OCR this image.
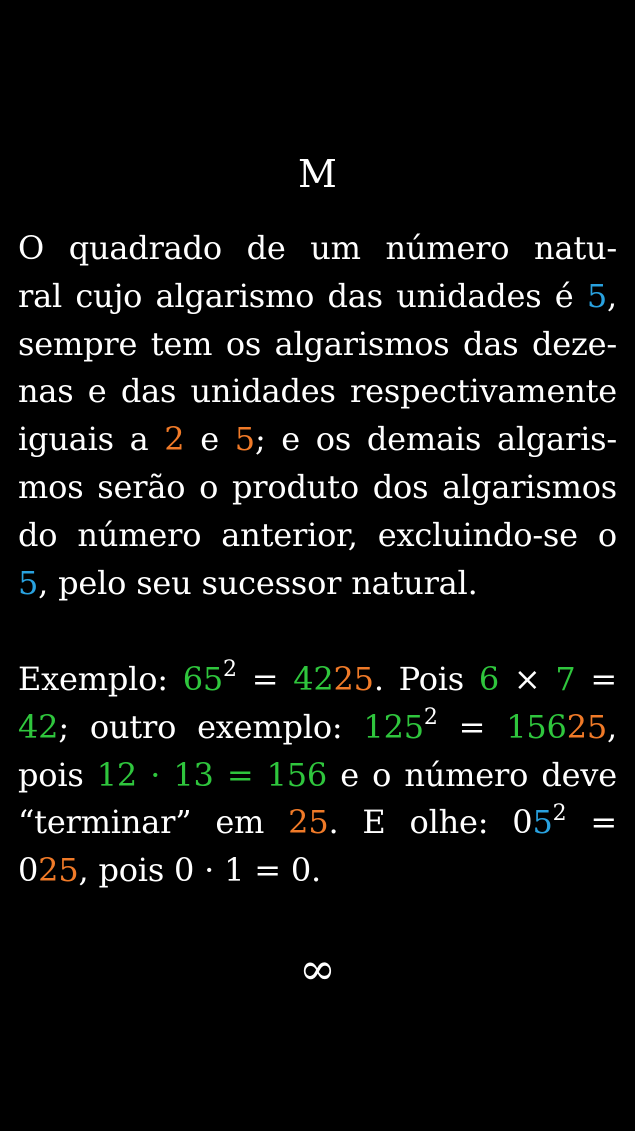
M
O quadrado de um número natu-
ral cujo algarismo das unidades é 5,
sempre tem os algarismos das deze-
nas e das unidades respectivamente
iguais a 2 e 5; e os demais algaris-
mos serão o produto dos algarismos
do número anterior, excluindo-se o
5, pelo seu sucessor natural.
Exemplo: $65^2 = 4225$. Pois 6 × 7 =
42; outro exemplo: $125^2 = 15625$,
pois 12 · 13 = 156 e o número deve
“terminar” em 25. E olhe: $05^2$ =
025, pois 0 · 1 = 0.
∞
